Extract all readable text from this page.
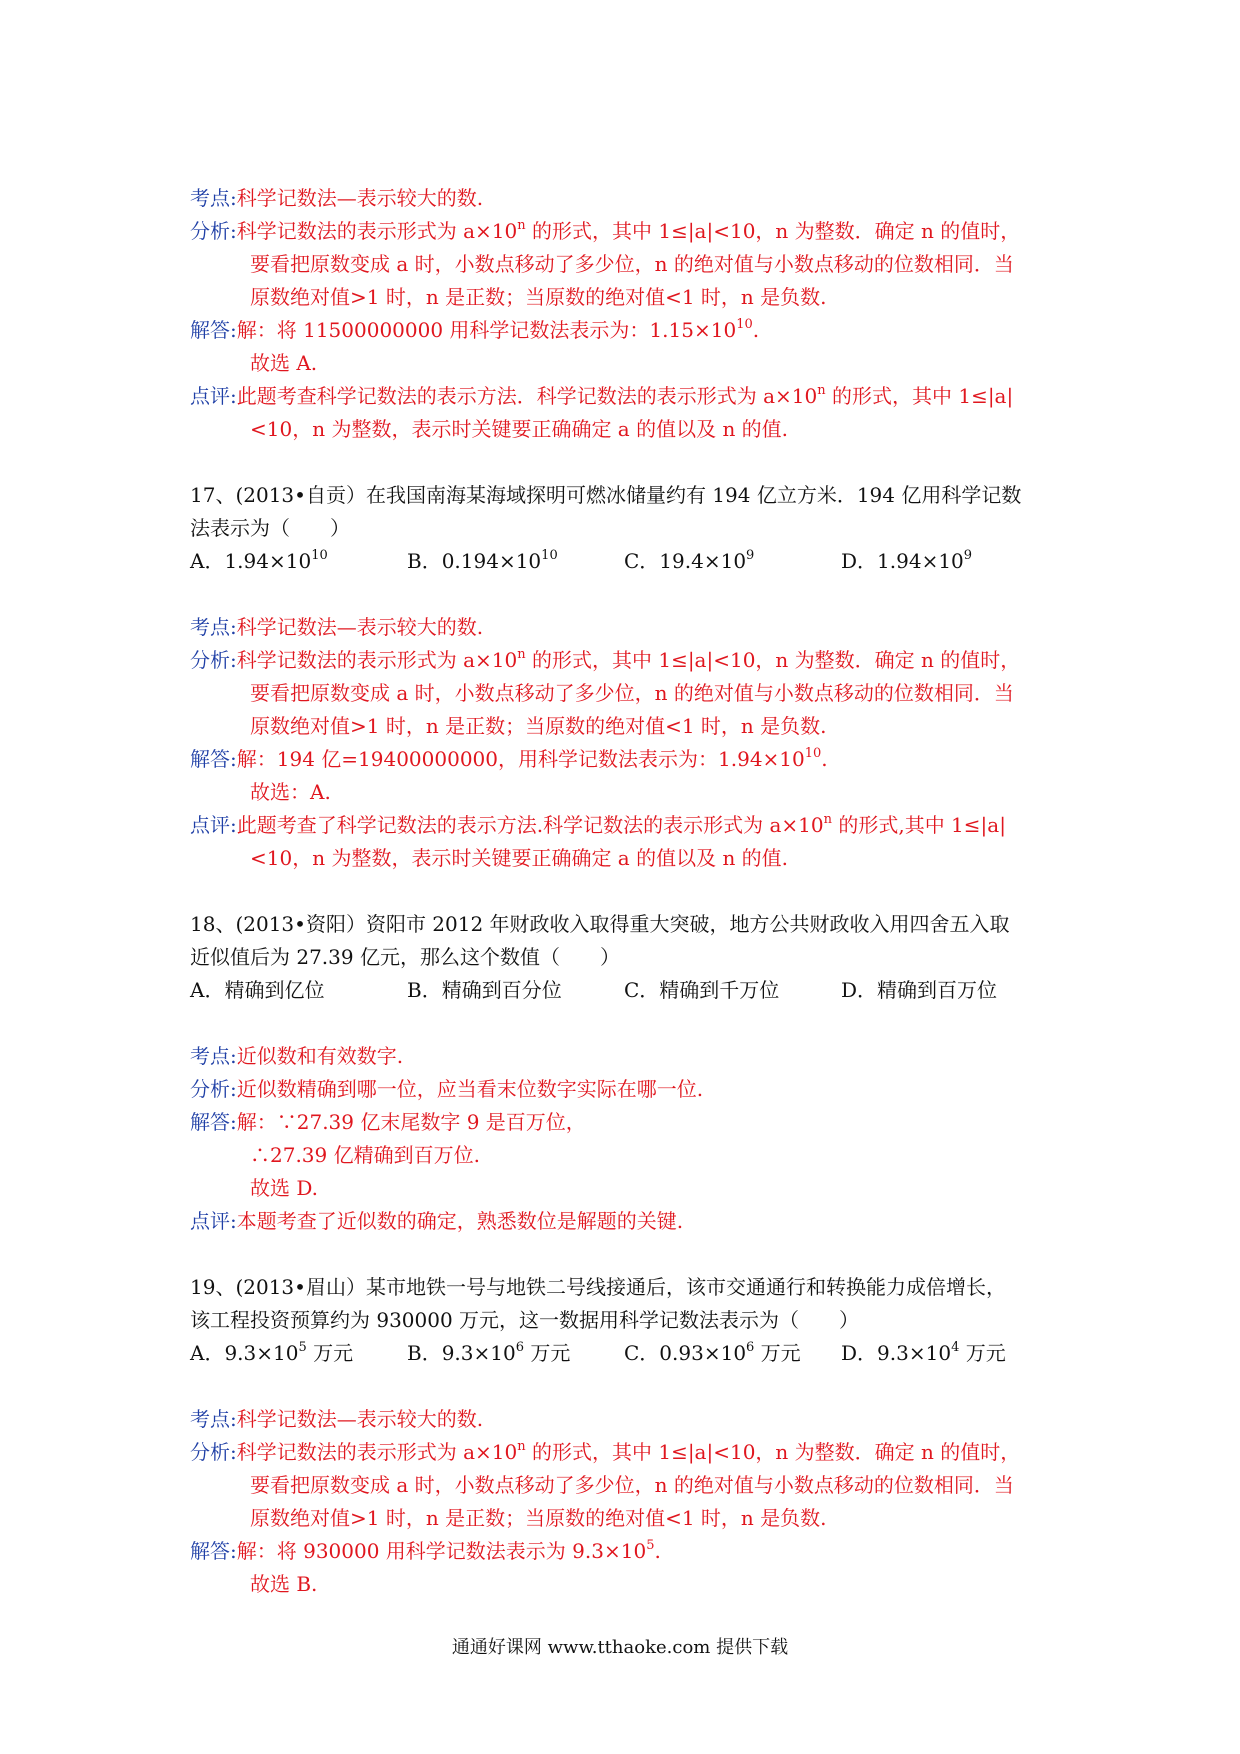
考点:科学记数法—表示较大的数.
分析:科学记数法的表示形式为 $a\times 10^n$ 的形式，其中 1≤|a|<10，n 为整数．确定 n 的值时，
要看把原数变成 a 时，小数点移动了多少位，n 的绝对值与小数点移动的位数相同．当
原数绝对值>1 时，n 是正数；当原数的绝对值<1 时，n 是负数.
解答:解：将 11500000000 用科学记数法表示为：$1.15\times 10^{10}$.
故选 A.
点评:此题考查科学记数法的表示方法．科学记数法的表示形式为 $a\times 10^n$ 的形式，其中 1≤|a|
<10，n 为整数，表示时关键要正确确定 a 的值以及 n 的值.
17、(2013•自贡）在我国南海某海域探明可燃冰储量约有 194 亿立方米．194 亿用科学记数
法表示为（　　）
A．$1.94\times 10^{10}$	B．$0.194\times 10^{10}$	C．$19.4\times 10^9$	D．$1.94\times 10^9$
考点:科学记数法—表示较大的数.
分析:科学记数法的表示形式为 $a\times 10^n$ 的形式，其中 1≤|a|<10，n 为整数．确定 n 的值时，
要看把原数变成 a 时，小数点移动了多少位，n 的绝对值与小数点移动的位数相同．当
原数绝对值>1 时，n 是正数；当原数的绝对值<1 时，n 是负数.
解答:解：194 亿=19400000000，用科学记数法表示为：$1.94\times 10^{10}$.
故选：A.
点评:此题考查了科学记数法的表示方法.科学记数法的表示形式为 $a\times 10^n$ 的形式,其中 1≤|a|
<10，n 为整数，表示时关键要正确确定 a 的值以及 n 的值.
18、(2013•资阳）资阳市 2012 年财政收入取得重大突破，地方公共财政收入用四舍五入取
近似值后为 27.39 亿元，那么这个数值（　　）
A．精确到亿位	B．精确到百分位	C．精确到千万位	D．精确到百万位
考点:近似数和有效数字.
分析:近似数精确到哪一位，应当看末位数字实际在哪一位.
解答:解：∵27.39 亿末尾数字 9 是百万位，
∴27.39 亿精确到百万位.
故选 D.
点评:本题考查了近似数的确定，熟悉数位是解题的关键.
19、(2013•眉山）某市地铁一号与地铁二号线接通后，该市交通通行和转换能力成倍增长，
该工程投资预算约为 930000 万元，这一数据用科学记数法表示为（　　）
A．$9.3\times 10^5$ 万元	B．$9.3\times 10^6$ 万元	C．$0.93\times 10^6$ 万元	D．$9.3\times 10^4$ 万元
考点:科学记数法—表示较大的数.
分析:科学记数法的表示形式为 $a\times 10^n$ 的形式，其中 1≤|a|<10，n 为整数．确定 n 的值时，
要看把原数变成 a 时，小数点移动了多少位，n 的绝对值与小数点移动的位数相同．当
原数绝对值>1 时，n 是正数；当原数的绝对值<1 时，n 是负数.
解答:解：将 930000 用科学记数法表示为 $9.3\times 10^5$.
故选 B.
通通好课网 www.tthaoke.com 提供下载
